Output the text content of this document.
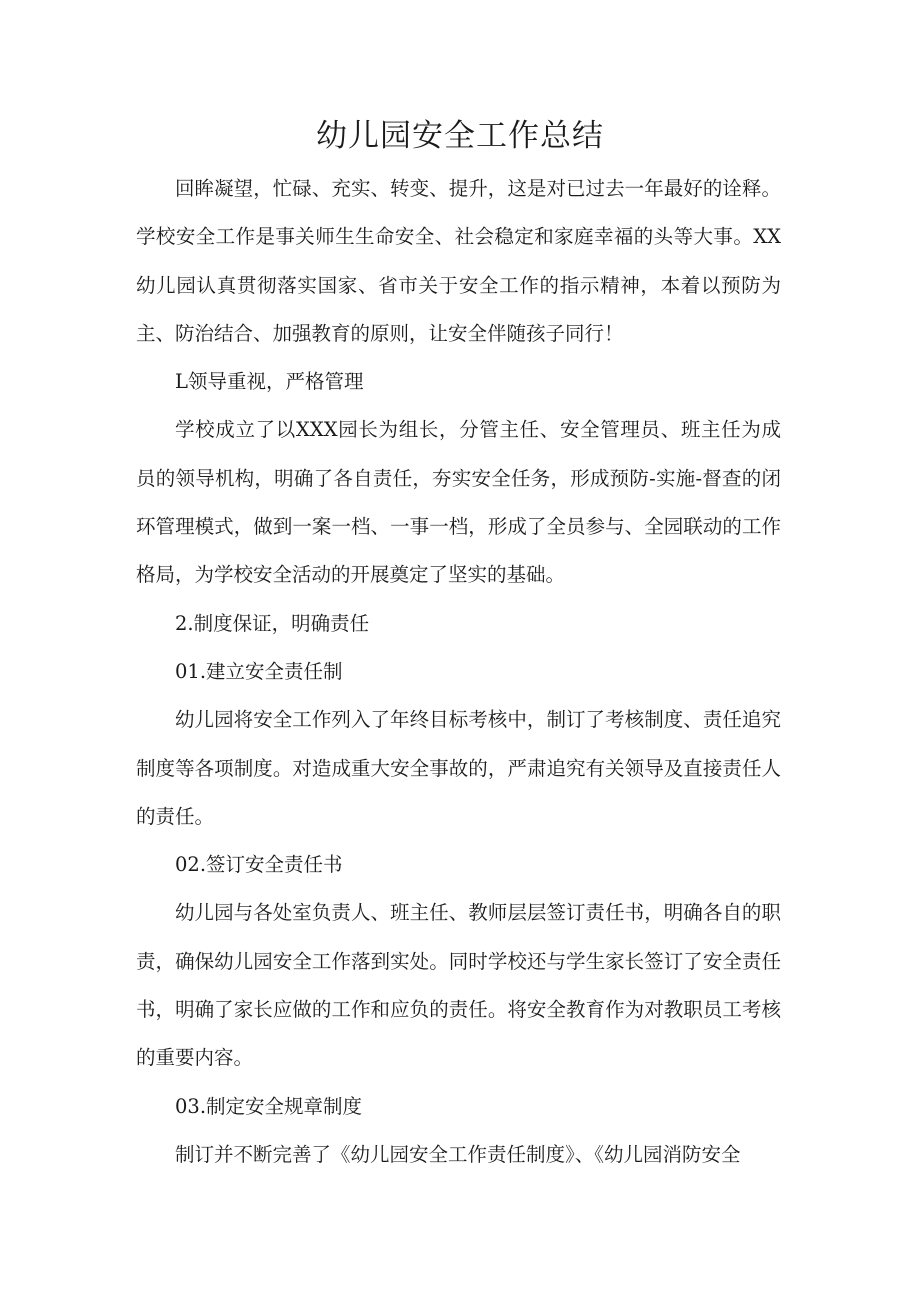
幼儿园安全工作总结

回眸凝望，忙碌、充实、转变、提升，这是对已过去一年最好的诠释。学校安全工作是事关师生生命安全、社会稳定和家庭幸福的头等大事。XX幼儿园认真贯彻落实国家、省市关于安全工作的指示精神，本着以预防为主、防治结合、加强教育的原则，让安全伴随孩子同行！

L领导重视，严格管理

学校成立了以XXX园长为组长，分管主任、安全管理员、班主任为成员的领导机构，明确了各自责任，夯实安全任务，形成预防-实施-督查的闭环管理模式，做到一案一档、一事一档，形成了全员参与、全园联动的工作格局，为学校安全活动的开展奠定了坚实的基础。

2.制度保证，明确责任

01.建立安全责任制

幼儿园将安全工作列入了年终目标考核中，制订了考核制度、责任追究制度等各项制度。对造成重大安全事故的，严肃追究有关领导及直接责任人的责任。

02.签订安全责任书

幼儿园与各处室负责人、班主任、教师层层签订责任书，明确各自的职责，确保幼儿园安全工作落到实处。同时学校还与学生家长签订了安全责任书，明确了家长应做的工作和应负的责任。将安全教育作为对教职员工考核的重要内容。

03.制定安全规章制度

制订并不断完善了《幼儿园安全工作责任制度》、《幼儿园消防安全
